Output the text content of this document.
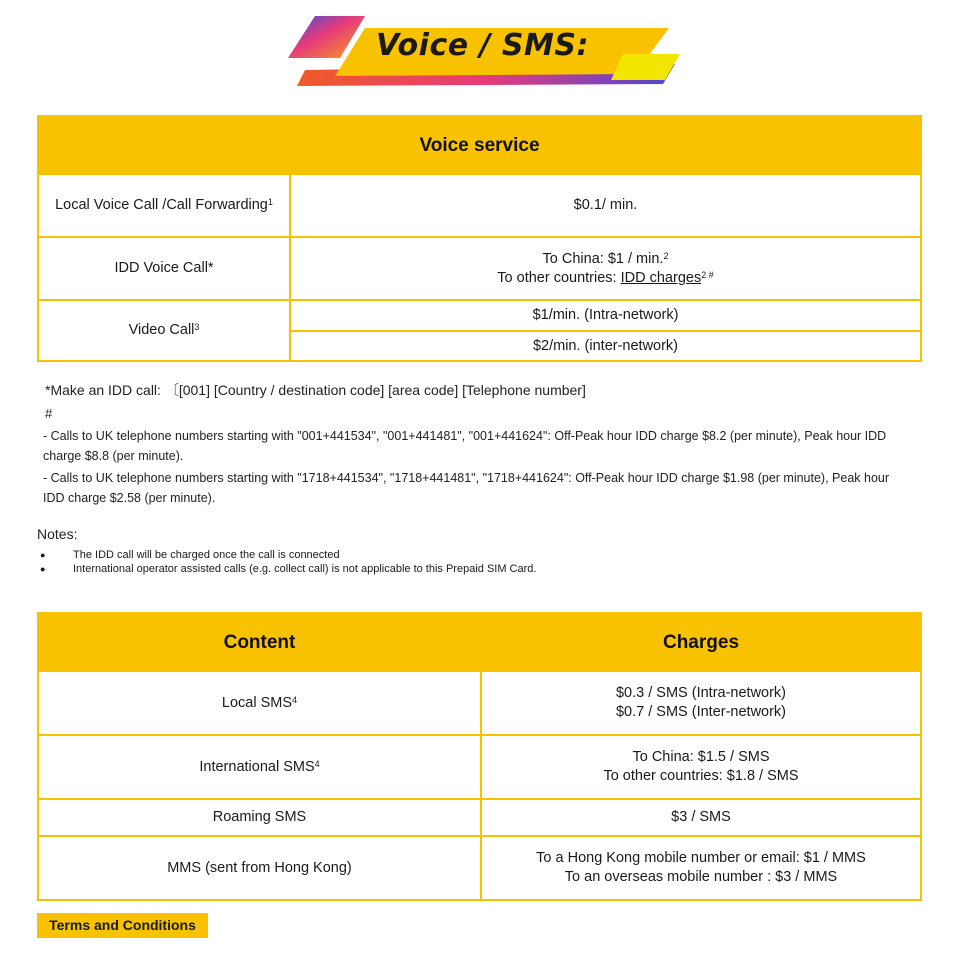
Voice / SMS:
Voice service	
Local Voice Call /Call Forwarding$^1$	$0.1/ min.
IDD Voice Call*	To China: $1 / min.$^2$
To other countries: IDD charges$^{2 \#}$

Video Call$^3$	$1/min. (Intra-network)
	$2/min. (inter-network)
*Make an IDD call: 〔[001] [Country / destination code] [area code] [Telephone number]
#
- Calls to UK telephone numbers starting with "001+441534", "001+441481", "001+441624": Off-Peak hour IDD charge $8.2 (per minute), Peak hour IDD charge $8.8 (per minute).
- Calls to UK telephone numbers starting with "1718+441534", "1718+441481", "1718+441624": Off-Peak hour IDD charge $1.98 (per minute), Peak hour IDD charge $2.58 (per minute).
Notes:
● The IDD call will be charged once the call is connected
● International operator assisted calls (e.g. collect call) is not applicable to this Prepaid SIM Card.
Content	Charges
Local SMS$^4$	$0.3 / SMS (Intra-network)
$0.7 / SMS (Inter-network)

International SMS$^4$	To China: $1.5 / SMS
To other countries: $1.8 / SMS

Roaming SMS	$3 / SMS
MMS (sent from Hong Kong)	To a Hong Kong mobile number or email: $1 / MMS
To an overseas mobile number : $3 / MMS
Terms and Conditions
